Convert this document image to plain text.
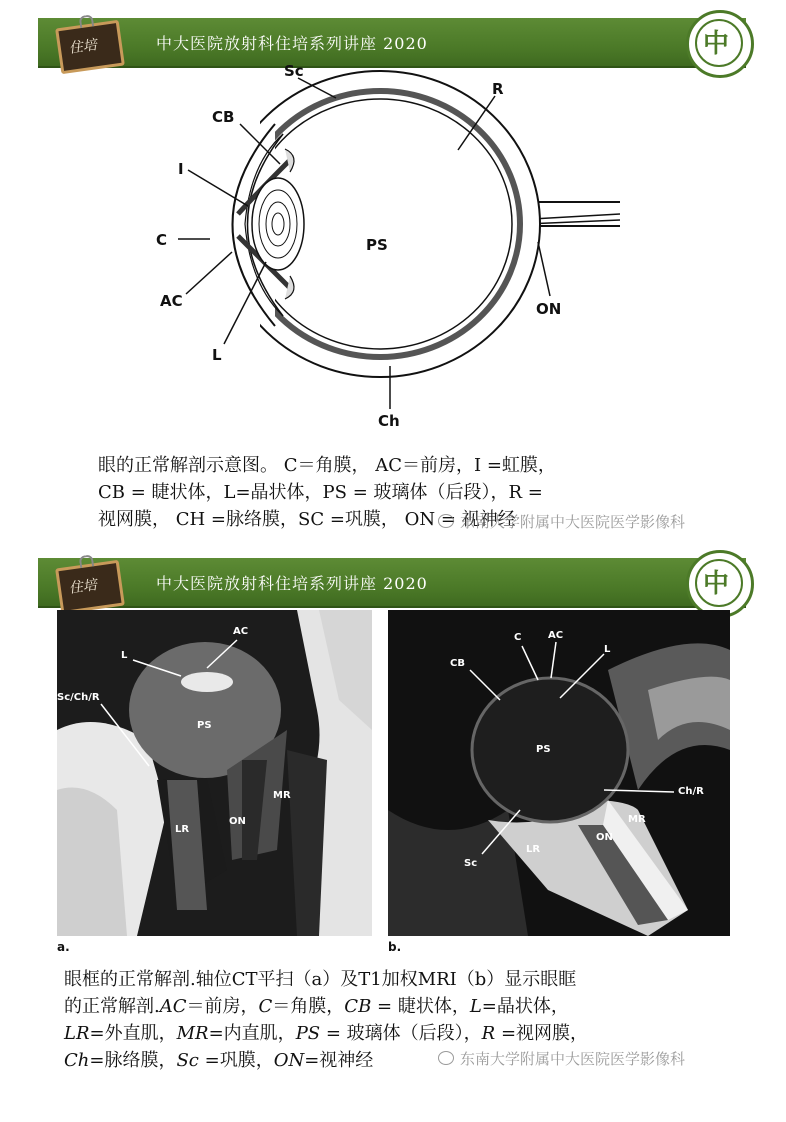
住培	中大医院放射科住培系列讲座 2020	中
Sc
R
CB
I
C	PS
AC	ON
L
Ch
眼的正常解剖示意图。 C＝角膜， AC＝前房，I =虹膜，
CB = 睫状体，L=晶状体，PS = 玻璃体（后段），R =
视网膜， CH =脉络膜，SC =巩膜， ON = 视神经
东南大学附属中大医院医学影像科
住培	中大医院放射科住培系列讲座 2020	中
AC
L
Sc/Ch/R
PS
MR
ON
LR
a.
C	AC
CB
L
PS
Ch/R
MR
ON
Sc
LR
b.
眼框的正常解剖.轴位CT平扫（a）及T1加权MRI（b）显示眼眶
的正常解剖.AC＝前房，C＝角膜，CB = 睫状体，L=晶状体，
LR=外直肌，MR=内直肌，PS = 玻璃体（后段），R =视网膜，
Ch=脉络膜，Sc =巩膜，ON=视神经	东南大学附属中大医院医学影像科
